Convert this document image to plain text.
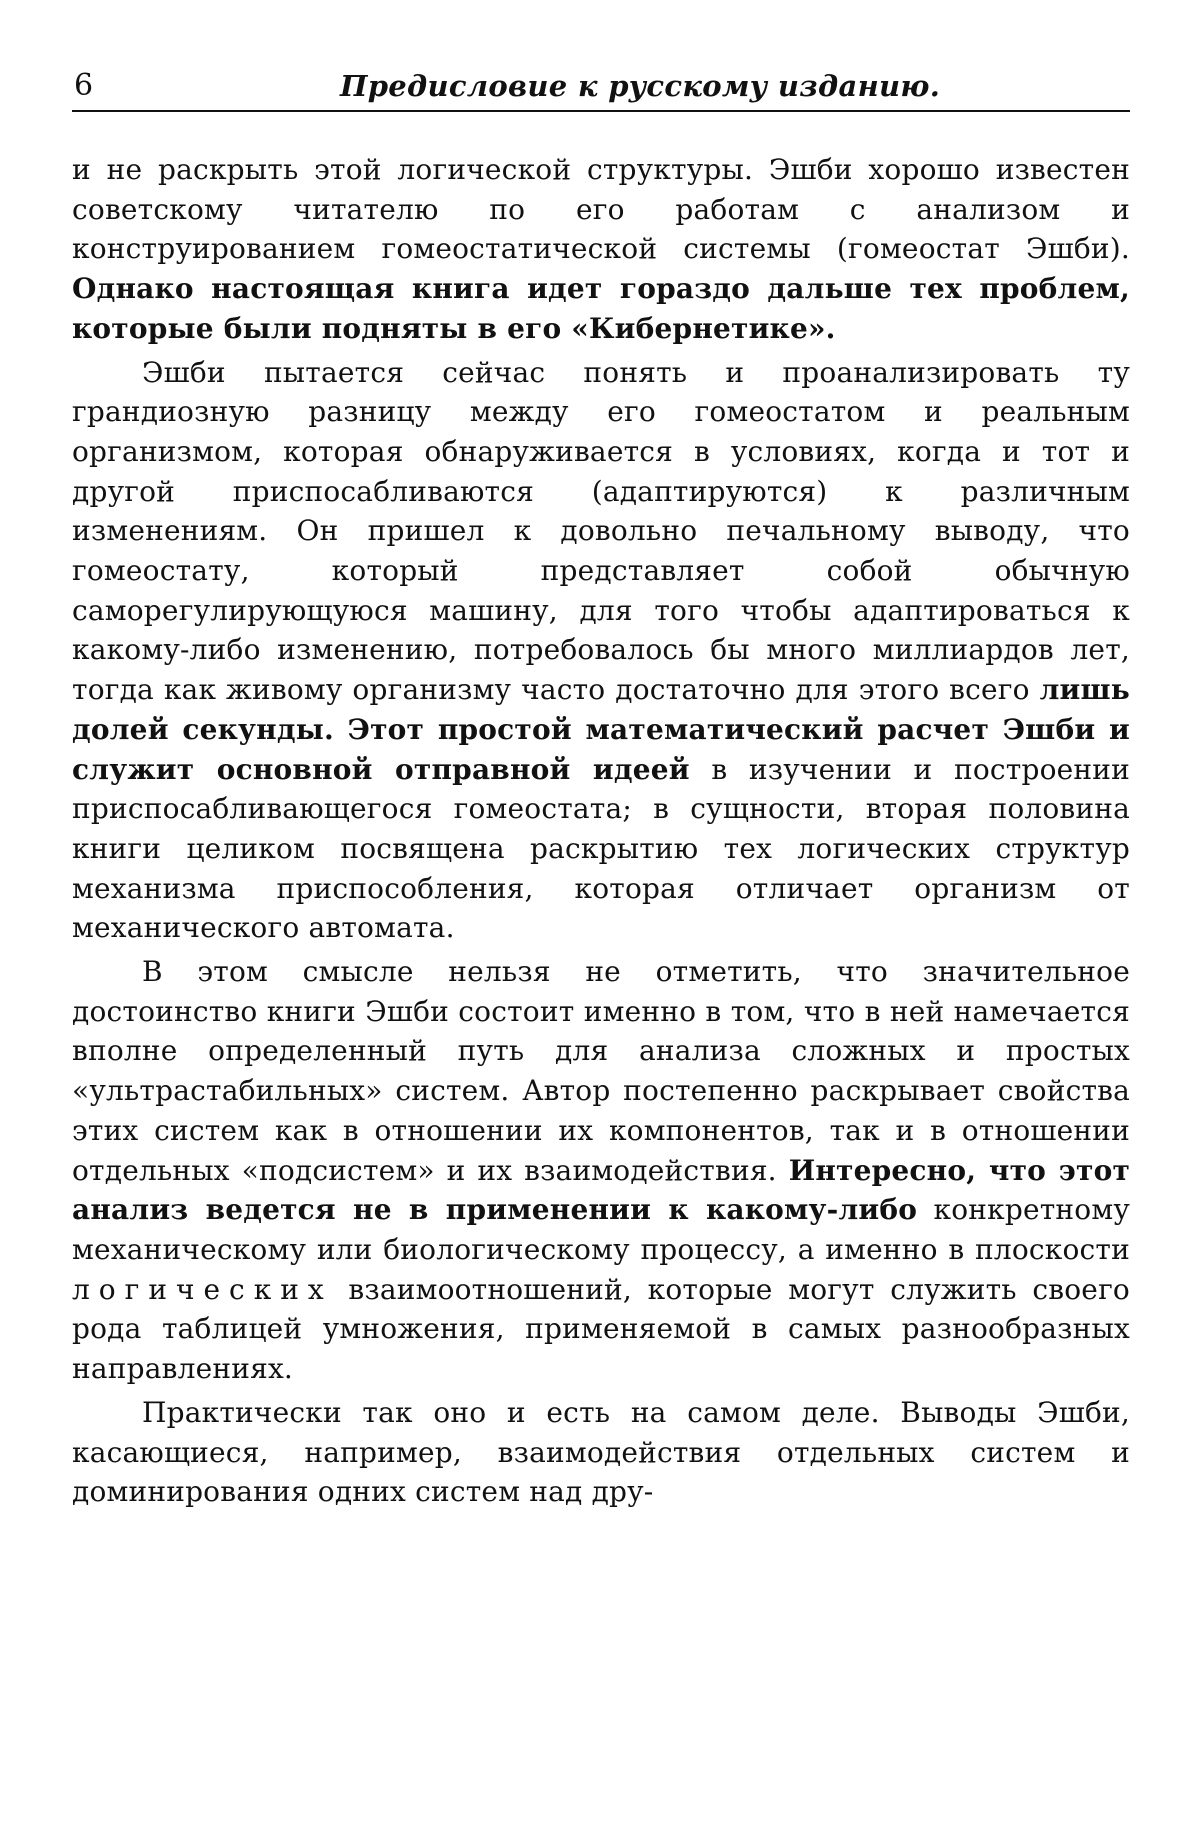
6	Предисловие к русскому изданию.

и не раскрыть этой логической структуры. Эшби хорошо известен советскому читателю по его работам с анализом и конструированием гомеостатической системы (гомеостат Эшби). Однако настоящая книга идет гораздо дальше тех проблем, которые были подняты в его «Кибернетике».

Эшби пытается сейчас понять и проанализировать ту грандиозную разницу между его гомеостатом и реальным организмом, которая обнаруживается в условиях, когда и тот и другой приспосабливаются (адаптируются) к различным изменениям. Он пришел к довольно печальному выводу, что гомеостату, который представляет собой обычную саморегулирующуюся машину, для того чтобы адаптироваться к какому-либо изменению, потребовалось бы много миллиардов лет, тогда как живому организму часто достаточно для этого всего лишь долей секунды. Этот простой математический расчет Эшби и служит основной отправной идеей в изучении и построении приспосабливающегося гомеостата; в сущности, вторая половина книги целиком посвящена раскрытию тех логических структур механизма приспособления, которая отличает организм от механического автомата.

В этом смысле нельзя не отметить, что значительное достоинство книги Эшби состоит именно в том, что в ней намечается вполне определенный путь для анализа сложных и простых «ультрастабильных» систем. Автор постепенно раскрывает свойства этих систем как в отношении их компонентов, так и в отношении отдельных «подсистем» и их взаимодействия. Интересно, что этот анализ ведется не в применении к какому-либо конкретному механическому или биологическому процессу, а именно в плоскости логических взаимоотношений, которые могут служить своего рода таблицей умножения, применяемой в самых разнообразных направлениях.

Практически так оно и есть на самом деле. Выводы Эшби, касающиеся, например, взаимодействия отдельных систем и доминирования одних систем над дру-
